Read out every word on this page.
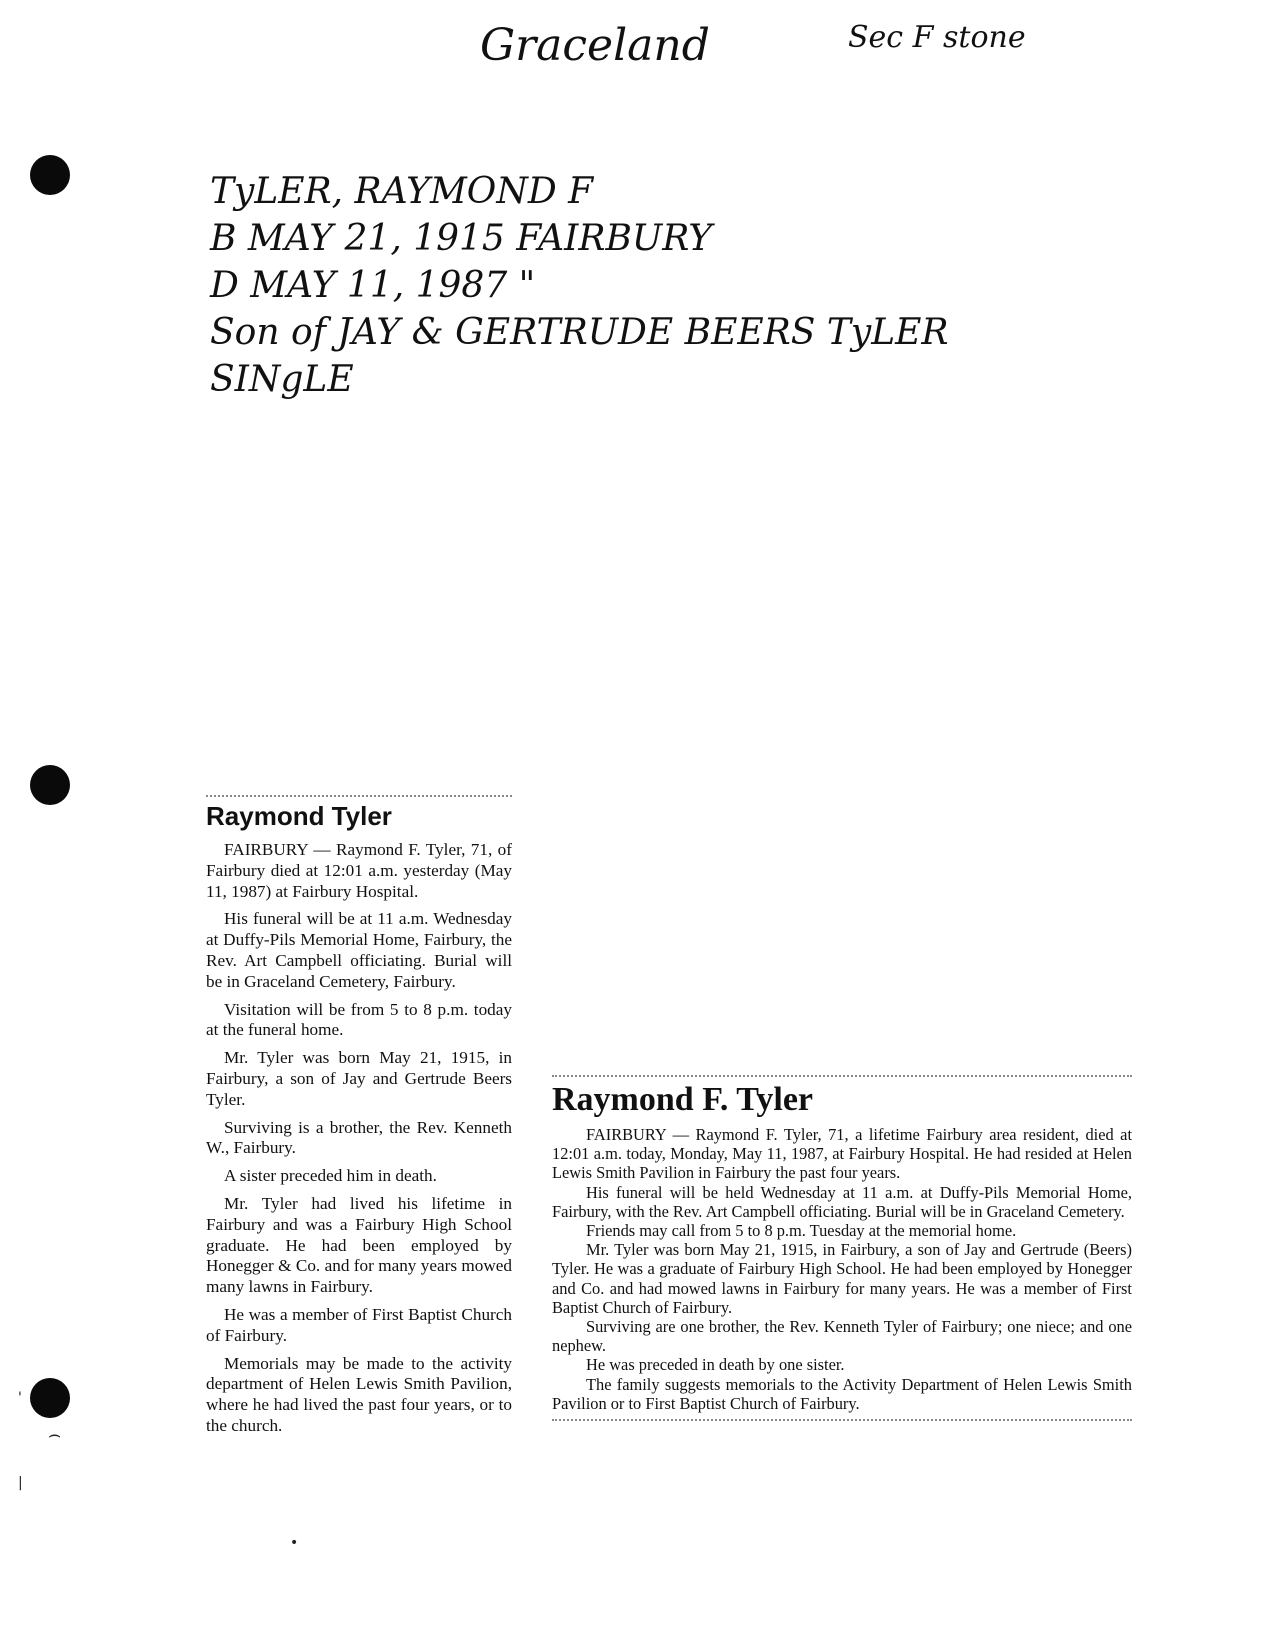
⌢
'
|
•
Graceland	Sec F stone
TyLER, RAYMOND F
B MAY 21, 1915 FAIRBURY
D MAY 11, 1987 "
Son of JAY & GERTRUDE BEERS TyLER
SINgLE
Raymond Tyler

FAIRBURY — Raymond F. Tyler, 71, of Fairbury died at 12:01 a.m. yesterday (May 11, 1987) at Fairbury Hospital.

His funeral will be at 11 a.m. Wednesday at Duffy-Pils Memorial Home, Fairbury, the Rev. Art Campbell officiating. Burial will be in Graceland Cemetery, Fairbury.

Visitation will be from 5 to 8 p.m. today at the funeral home.

Mr. Tyler was born May 21, 1915, in Fairbury, a son of Jay and Gertrude Beers Tyler.

Surviving is a brother, the Rev. Kenneth W., Fairbury.

A sister preceded him in death.

Mr. Tyler had lived his lifetime in Fairbury and was a Fairbury High School graduate. He had been employed by Honegger & Co. and for many years mowed many lawns in Fairbury.

He was a member of First Baptist Church of Fairbury.

Memorials may be made to the activity department of Helen Lewis Smith Pavilion, where he had lived the past four years, or to the church.

Raymond F. Tyler

FAIRBURY — Raymond F. Tyler, 71, a lifetime Fairbury area resident, died at 12:01 a.m. today, Monday, May 11, 1987, at Fairbury Hospital. He had resided at Helen Lewis Smith Pavilion in Fairbury the past four years.

His funeral will be held Wednesday at 11 a.m. at Duffy-Pils Memorial Home, Fairbury, with the Rev. Art Campbell officiating. Burial will be in Graceland Cemetery.

Friends may call from 5 to 8 p.m. Tuesday at the memorial home.

Mr. Tyler was born May 21, 1915, in Fairbury, a son of Jay and Gertrude (Beers) Tyler. He was a graduate of Fairbury High School. He had been employed by Honegger and Co. and had mowed lawns in Fairbury for many years. He was a member of First Baptist Church of Fairbury.

Surviving are one brother, the Rev. Kenneth Tyler of Fairbury; one niece; and one nephew.

He was preceded in death by one sister.

The family suggests memorials to the Activity Department of Helen Lewis Smith Pavilion or to First Baptist Church of Fairbury.
